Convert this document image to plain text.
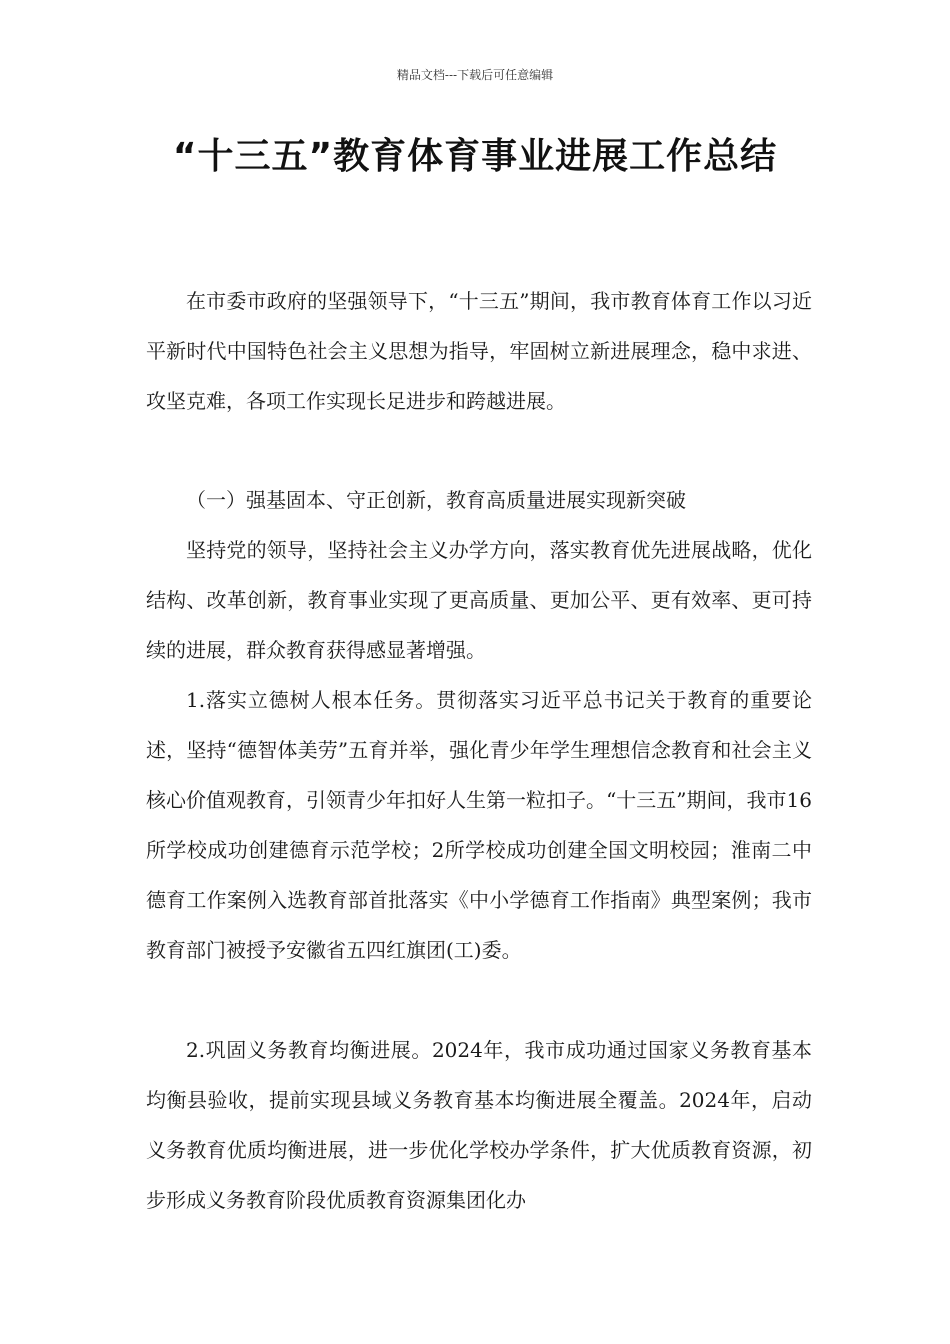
精品文档---下载后可任意编辑
“十三五”教育体育事业进展工作总结

在市委市政府的坚强领导下，“十三五”期间，我市教育体育工作以习近平新时代中国特色社会主义思想为指导，牢固树立新进展理念，稳中求进、攻坚克难，各项工作实现长足进步和跨越进展。

（一）强基固本、守正创新，教育高质量进展实现新突破

坚持党的领导，坚持社会主义办学方向，落实教育优先进展战略，优化结构、改革创新，教育事业实现了更高质量、更加公平、更有效率、更可持续的进展，群众教育获得感显著增强。

1.落实立德树人根本任务。贯彻落实习近平总书记关于教育的重要论述，坚持“德智体美劳”五育并举，强化青少年学生理想信念教育和社会主义核心价值观教育，引领青少年扣好人生第一粒扣子。“十三五”期间，我市16所学校成功创建德育示范学校；2所学校成功创建全国文明校园；淮南二中德育工作案例入选教育部首批落实《中小学德育工作指南》典型案例；我市教育部门被授予安徽省五四红旗团(工)委。

2.巩固义务教育均衡进展。2024年，我市成功通过国家义务教育基本均衡县验收，提前实现县域义务教育基本均衡进展全覆盖。2024年，启动义务教育优质均衡进展，进一步优化学校办学条件，扩大优质教育资源，初步形成义务教育阶段优质教育资源集团化办
